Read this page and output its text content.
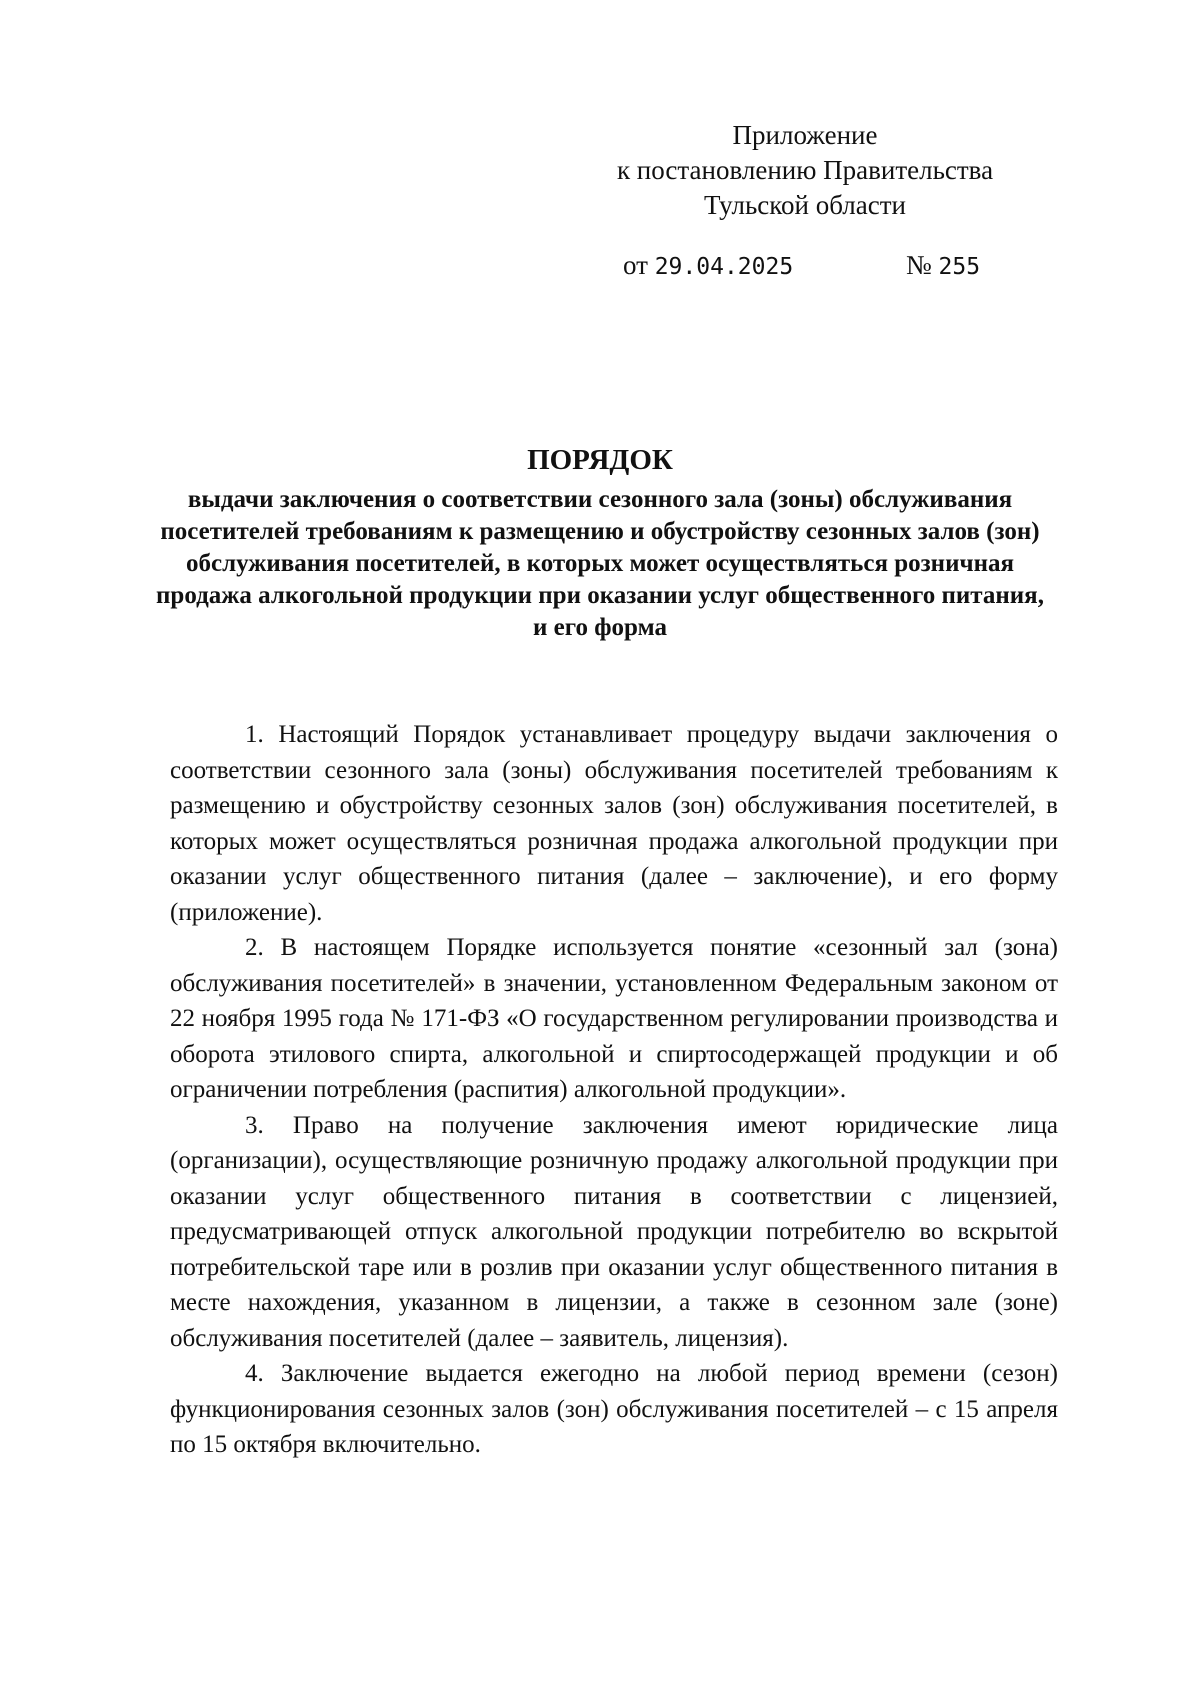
Приложение
к постановлению Правительства
Тульской области
от 29.04.2025	№ 255
ПОРЯДОК
выдачи заключения о соответствии сезонного зала (зоны) обслуживания посетителей требованиям к размещению и обустройству сезонных залов (зон) обслуживания посетителей, в которых может осуществляться розничная продажа алкогольной продукции при оказании услуг общественного питания, и его форма

1. Настоящий Порядок устанавливает процедуру выдачи заключения о соответствии сезонного зала (зоны) обслуживания посетителей требованиям к размещению и обустройству сезонных залов (зон) обслуживания посетителей, в которых может осуществляться розничная продажа алкогольной продукции при оказании услуг общественного питания (далее – заключение), и его форму (приложение).

2. В настоящем Порядке используется понятие «сезонный зал (зона) обслуживания посетителей» в значении, установленном Федеральным законом от 22 ноября 1995 года № 171-ФЗ «О государственном регулировании производства и оборота этилового спирта, алкогольной и спиртосодержащей продукции и об ограничении потребления (распития) алкогольной продукции».

3. Право на получение заключения имеют юридические лица (организации), осуществляющие розничную продажу алкогольной продукции при оказании услуг общественного питания в соответствии с лицензией, предусматривающей отпуск алкогольной продукции потребителю во вскрытой потребительской таре или в розлив при оказании услуг общественного питания в месте нахождения, указанном в лицензии, а также в сезонном зале (зоне) обслуживания посетителей (далее – заявитель, лицензия).

4. Заключение выдается ежегодно на любой период времени (сезон) функционирования сезонных залов (зон) обслуживания посетителей – с 15 апреля по 15 октября включительно.
